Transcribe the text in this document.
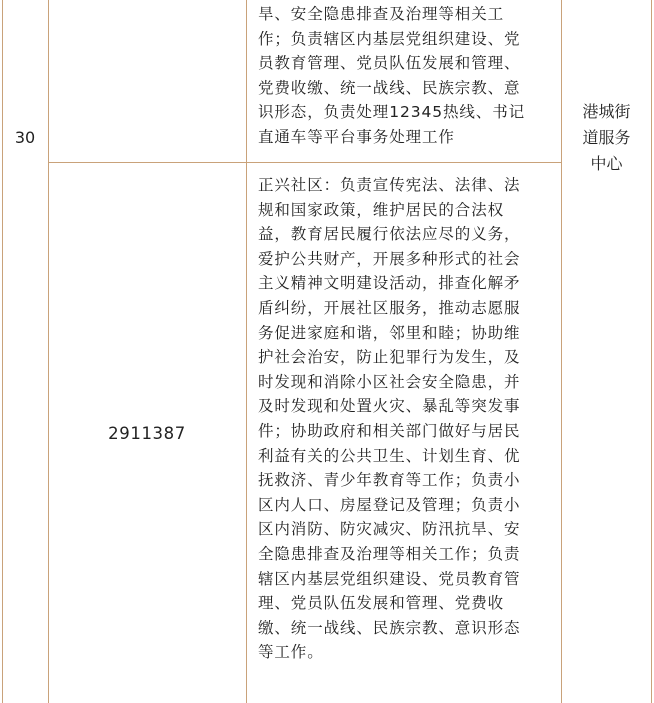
30
旱、安全隐患排查及治理等相关工
作；负责辖区内基层党组织建设、党
员教育管理、党员队伍发展和管理、
党费收缴、统一战线、民族宗教、意
识形态，负责处理12345热线、书记
直通车等平台事务处理工作
港城街
道服务
中心
2911387
正兴社区：负责宣传宪法、法律、法
规和国家政策，维护居民的合法权
益，教育居民履行依法应尽的义务，
爱护公共财产，开展多种形式的社会
主义精神文明建设活动，排查化解矛
盾纠纷，开展社区服务，推动志愿服
务促进家庭和谐，邻里和睦；协助维
护社会治安，防止犯罪行为发生，及
时发现和消除小区社会安全隐患，并
及时发现和处置火灾、暴乱等突发事
件；协助政府和相关部门做好与居民
利益有关的公共卫生、计划生育、优
抚救济、青少年教育等工作；负责小
区内人口、房屋登记及管理；负责小
区内消防、防灾减灾、防汛抗旱、安
全隐患排查及治理等相关工作；负责
辖区内基层党组织建设、党员教育管
理、党员队伍发展和管理、党费收
缴、统一战线、民族宗教、意识形态
等工作。
